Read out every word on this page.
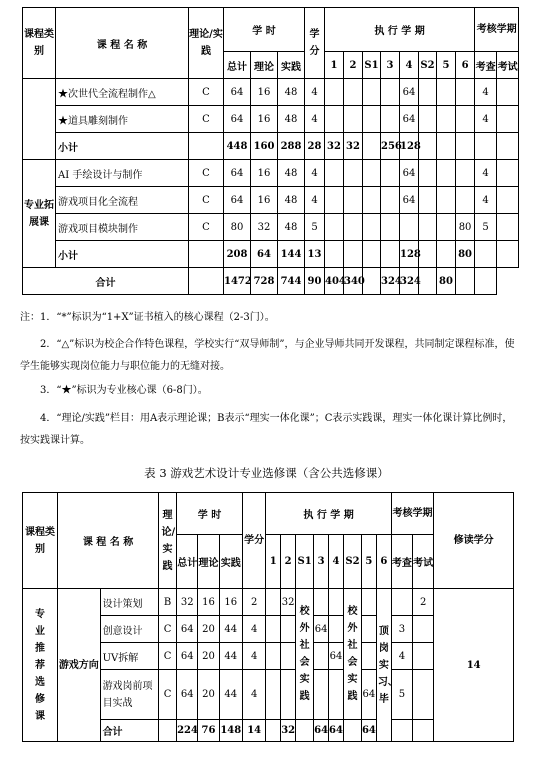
课程类别	课 程 名 称	理论/实践	学 时			学分	执 行 学 期								考核学期	
			总计	理论	实践		1	2	S1	3	4	S2	5	6	考查	考试
	★次世代全流程制作△	C	64	16	48	4					64				4	
	★道具雕刻制作	C	64	16	48	4					64				4	
	小计		448	160	288	28	32	32		256	128					
专业拓展课	AI 手绘设计与制作	C	64	16	48	4					64				4	
	游戏项目化全流程	C	64	16	48	4					64				4	
	游戏项目模块制作	C	80	32	48	5								80	5	
	小计		208	64	144	13					128			80		
合计			1472	728	744	90	404	340		324	324		80			

注：1．“*”标识为“1+X”证书植入的核心课程（2-3门）。

2．“△”标识为校企合作特色课程，学校实行“双导师制”，与企业导师共同开发课程，共同制定课程标准，使学生能够实现岗位能力与职位能力的无缝对接。

3．“★”标识为专业核心课（6-8门）。

4．“理论/实践”栏目：用A表示理论课；B表示“理实一体化课”；C表示实践课，理实一体化课计算比例时，按实践课计算。

表 3 游戏艺术设计专业选修课（含公共选修课）
课程类别	课 程 名 称		理论/实践	学 时			学分	执 行 学 期								考核学期		修读学分
				总计	理论	实践		1	2	S1	3	4	S2	5	6	考查	考试	
专业推荐选修课	游戏方向	设计策划	B	32	16	16	2		32	校外社会实践			校外社会实践		顶岗实习、毕		2	14
		创意设计	C	64	20	44	4				64					3		
		UV拆解	C	64	20	44	4					64				4		
		游戏岗前项目实战	C	64	20	44	4							64		5		
		合计		224	76	148	14		32		64	64		64				
